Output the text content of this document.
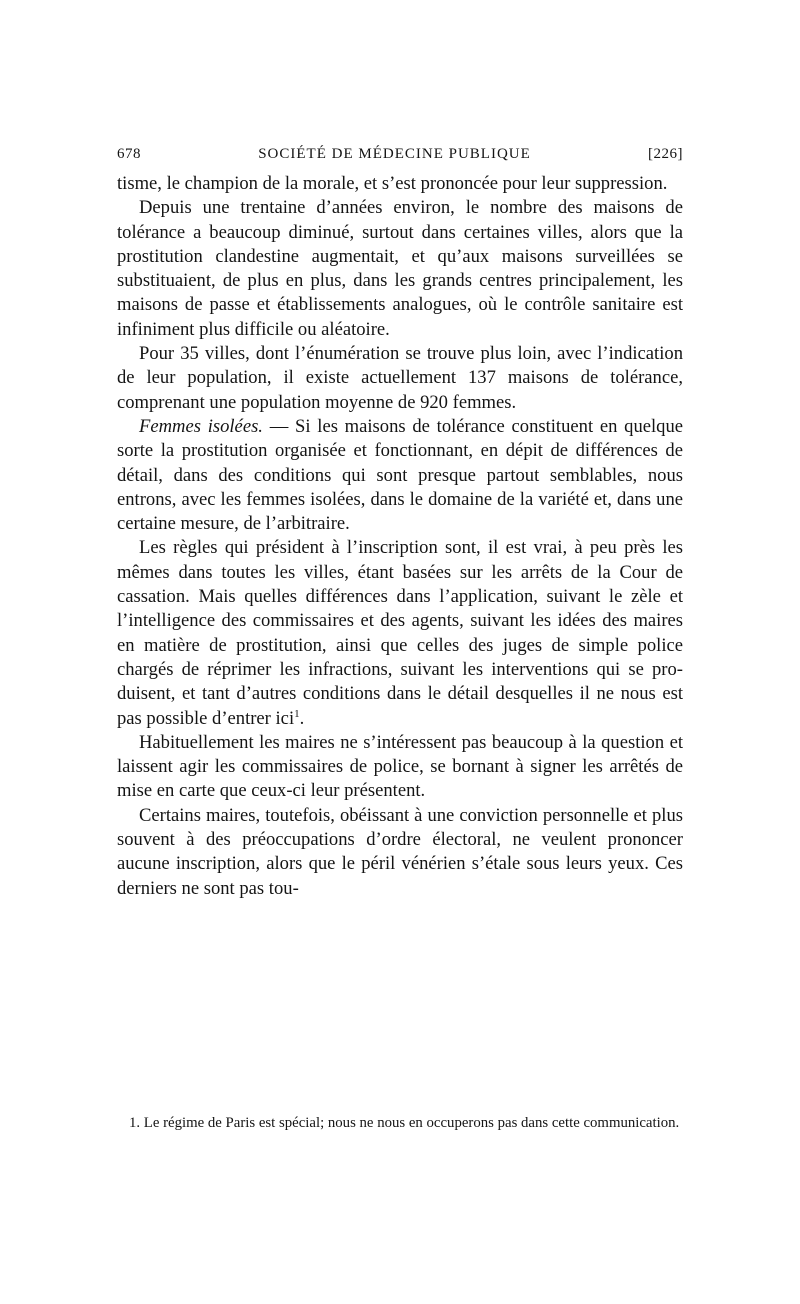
678	SOCIÉTÉ DE MÉDECINE PUBLIQUE	[226]

tisme, le champion de la morale, et s’est prononcée pour leur suppression.

Depuis une trentaine d’années environ, le nombre des maisons de tolérance a beaucoup diminué, surtout dans certaines villes, alors que la prostitution clandestine augmentait, et qu’aux maisons surveillées se substituaient, de plus en plus, dans les grands centres principalement, les maisons de passe et établissements analogues, où le contrôle sanitaire est infiniment plus difficile ou aléatoire.

Pour 35 villes, dont l’énumération se trouve plus loin, avec l’indication de leur population, il existe actuellement 137 maisons de tolérance, comprenant une population moyenne de 920 femmes.

Femmes isolées. — Si les maisons de tolérance constituent en quelque sorte la prostitution organisée et fonctionnant, en dépit de différences de détail, dans des conditions qui sont presque partout semblables, nous entrons, avec les femmes isolées, dans le domaine de la variété et, dans une certaine mesure, de l’arbitraire.

Les règles qui président à l’inscription sont, il est vrai, à peu près les mêmes dans toutes les villes, étant basées sur les arrêts de la Cour de cassation. Mais quelles différences dans l’application, suivant le zèle et l’intelligence des commissaires et des agents, suivant les idées des maires en matière de prostitution, ainsi que celles des juges de simple police chargés de réprimer les infractions, suivant les interventions qui se produisent, et tant d’autres conditions dans le détail desquelles il ne nous est pas possible d’entrer ici$^1$.

Habituellement les maires ne s’intéressent pas beaucoup à la question et laissent agir les commissaires de police, se bornant à signer les arrêtés de mise en carte que ceux-ci leur présentent.

Certains maires, toutefois, obéissant à une conviction personnelle et plus souvent à des préoccupations d’ordre électoral, ne veulent prononcer aucune inscription, alors que le péril vénérien s’étale sous leurs yeux. Ces derniers ne sont pas tou-

1. Le régime de Paris est spécial; nous ne nous en occuperons pas dans cette communication.
